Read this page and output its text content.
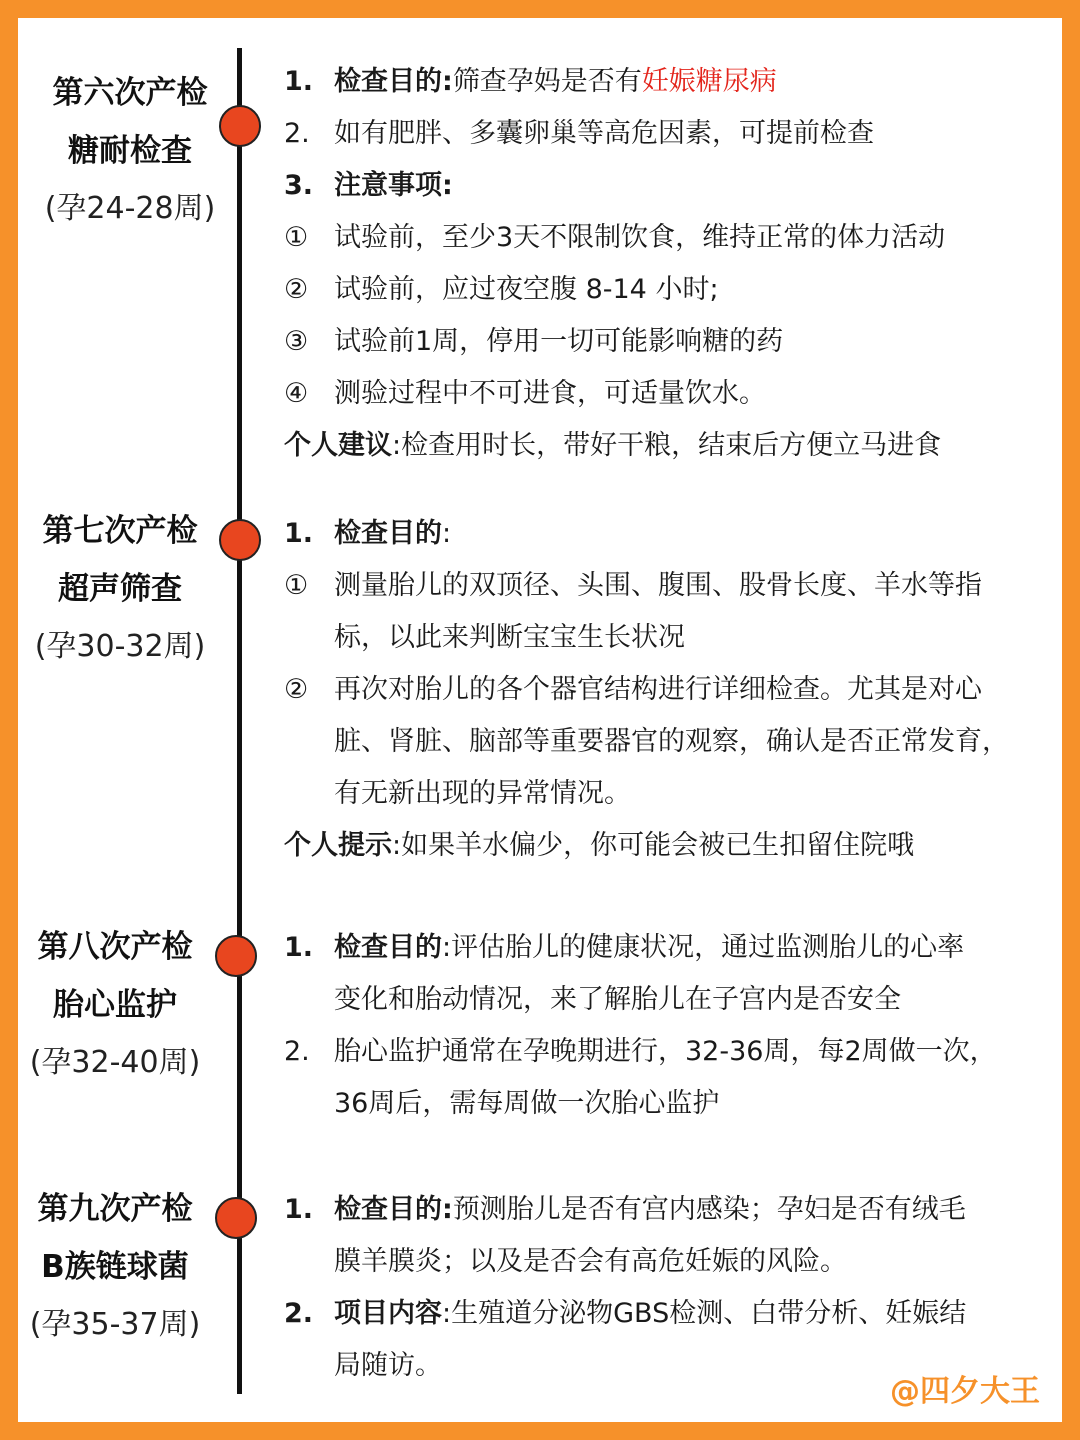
第六次产检
糖耐检查
(孕24-28周)
1. 检查目的:筛查孕妈是否有妊娠糖尿病
2. 如有肥胖、多囊卵巢等高危因素，可提前检查
3. 注意事项:
① 试验前，至少3天不限制饮食，维持正常的体力活动
② 试验前，应过夜空腹 8-14 小时;
③ 试验前1周，停用一切可能影响糖的药
④ 测验过程中不可进食，可适量饮水。
个人建议:检查用时长，带好干粮，结束后方便立马进食
第七次产检
超声筛查
(孕30-32周)
1. 检查目的:
① 测量胎儿的双顶径、头围、腹围、股骨长度、羊水等指
标，以此来判断宝宝生长状况
② 再次对胎儿的各个器官结构进行详细检查。尤其是对心
脏、肾脏、脑部等重要器官的观察，确认是否正常发育，
有无新出现的异常情况。
个人提示:如果羊水偏少，你可能会被已生扣留住院哦
第八次产检
胎心监护
(孕32-40周)
1. 检查目的:评估胎儿的健康状况，通过监测胎儿的心率
变化和胎动情况，来了解胎儿在子宫内是否安全
2. 胎心监护通常在孕晚期进行，32-36周，每2周做一次，
36周后，需每周做一次胎心监护
第九次产检
B族链球菌
(孕35-37周)
1. 检查目的:预测胎儿是否有宫内感染；孕妇是否有绒毛
膜羊膜炎；以及是否会有高危妊娠的风险。
2. 项目内容:生殖道分泌物GBS检测、白带分析、妊娠结
局随访。
@四夕大王
